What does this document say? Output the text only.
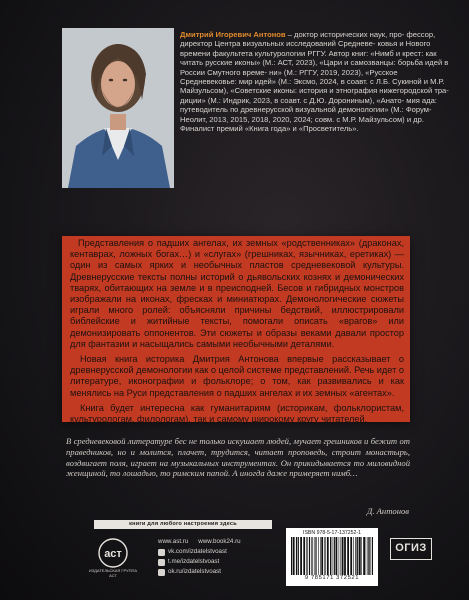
Дмитрий Игоревич Антонов – доктор исторических наук, про- фессор, директор Центра визуальных исследований Средневе- ковья и Нового времени факультета культурологии РГГУ. Автор книг: «Нимб и крест: как читать русские иконы» (М.: АСТ, 2023), «Цари и самозванцы: борьба идей в России Смутного време- ни» (М.: РГГУ, 2019, 2023), «Русское Средневековье: мир идей» (М.: Эксмо, 2024, в соавт. с Л.Б. Сукиной и М.Р. Майзульсом), «Советские иконы: история и этнография нижегородской тра- диции» (М.: Индрик, 2023, в соавт. с Д.Ю. Дорониным), «Анато- мия ада: путеводитель по древнерусской визуальной демонологии» (М.: Форум-Неолит, 2013, 2015, 2018, 2020, 2024; совм. с М.Р. Майзульсом) и др. Финалист премий «Книга года» и «Просветитель».

Представления о падших ангелах, их земных «родственниках» (драконах, кентаврах, ложных богах…) и «слугах» (грешниках, язычниках, еретиках) — один из самых ярких и необычных пластов средневековой культуры. Древнерусские тексты полны историй о дьявольских кознях и демонических тварях, обитающих на земле и в преисподней. Бесов и гибридных монстров изображали на иконах, фресках и миниатюрах. Демонологические сюжеты играли много ролей: объясняли причины бедствий, иллюстрировали библейские и житийные тексты, помогали описать «врагов» или демонизировать оппонентов. Эти сюжеты и образы веками давали простор для фантазии и насыщались самыми необычными деталями.

Новая книга историка Дмитрия Антонова впервые рассказывает о древнерусской демонологии как о целой системе представлений. Речь идет о литературе, иконографии и фольклоре; о том, как развивались и как менялись на Руси представления о падших ангелах и их земных «агентах».

Книга будет интересна как гуманитариям (историкам, фольклористам, культурологам, филологам), так и самому широкому кругу читателей.

В средневековой литературе бес не только искушает людей, мучает грешников и бежит от праведников, но и молится, плачет, трудится, читает проповедь, строит монастырь, воздвигает поля, играет на музыкальных инструментах. Он прикидывается то миловидной женщиной, то лошадью, то римским папой. А иногда даже примеряет нимб…
Д. Антонов
книги для любого настроения здесь
аст
ИЗДАТЕЛЬСКАЯ ГРУППА АСТ
www.ast.ru www.book24.ru
vk.com/izdatelstvoast
t.me/izdatelstvoast
ok.ru/izdatelstvoast
ISBN 978-5-17-137252-1
9 785171 372521
ОГИЗ
